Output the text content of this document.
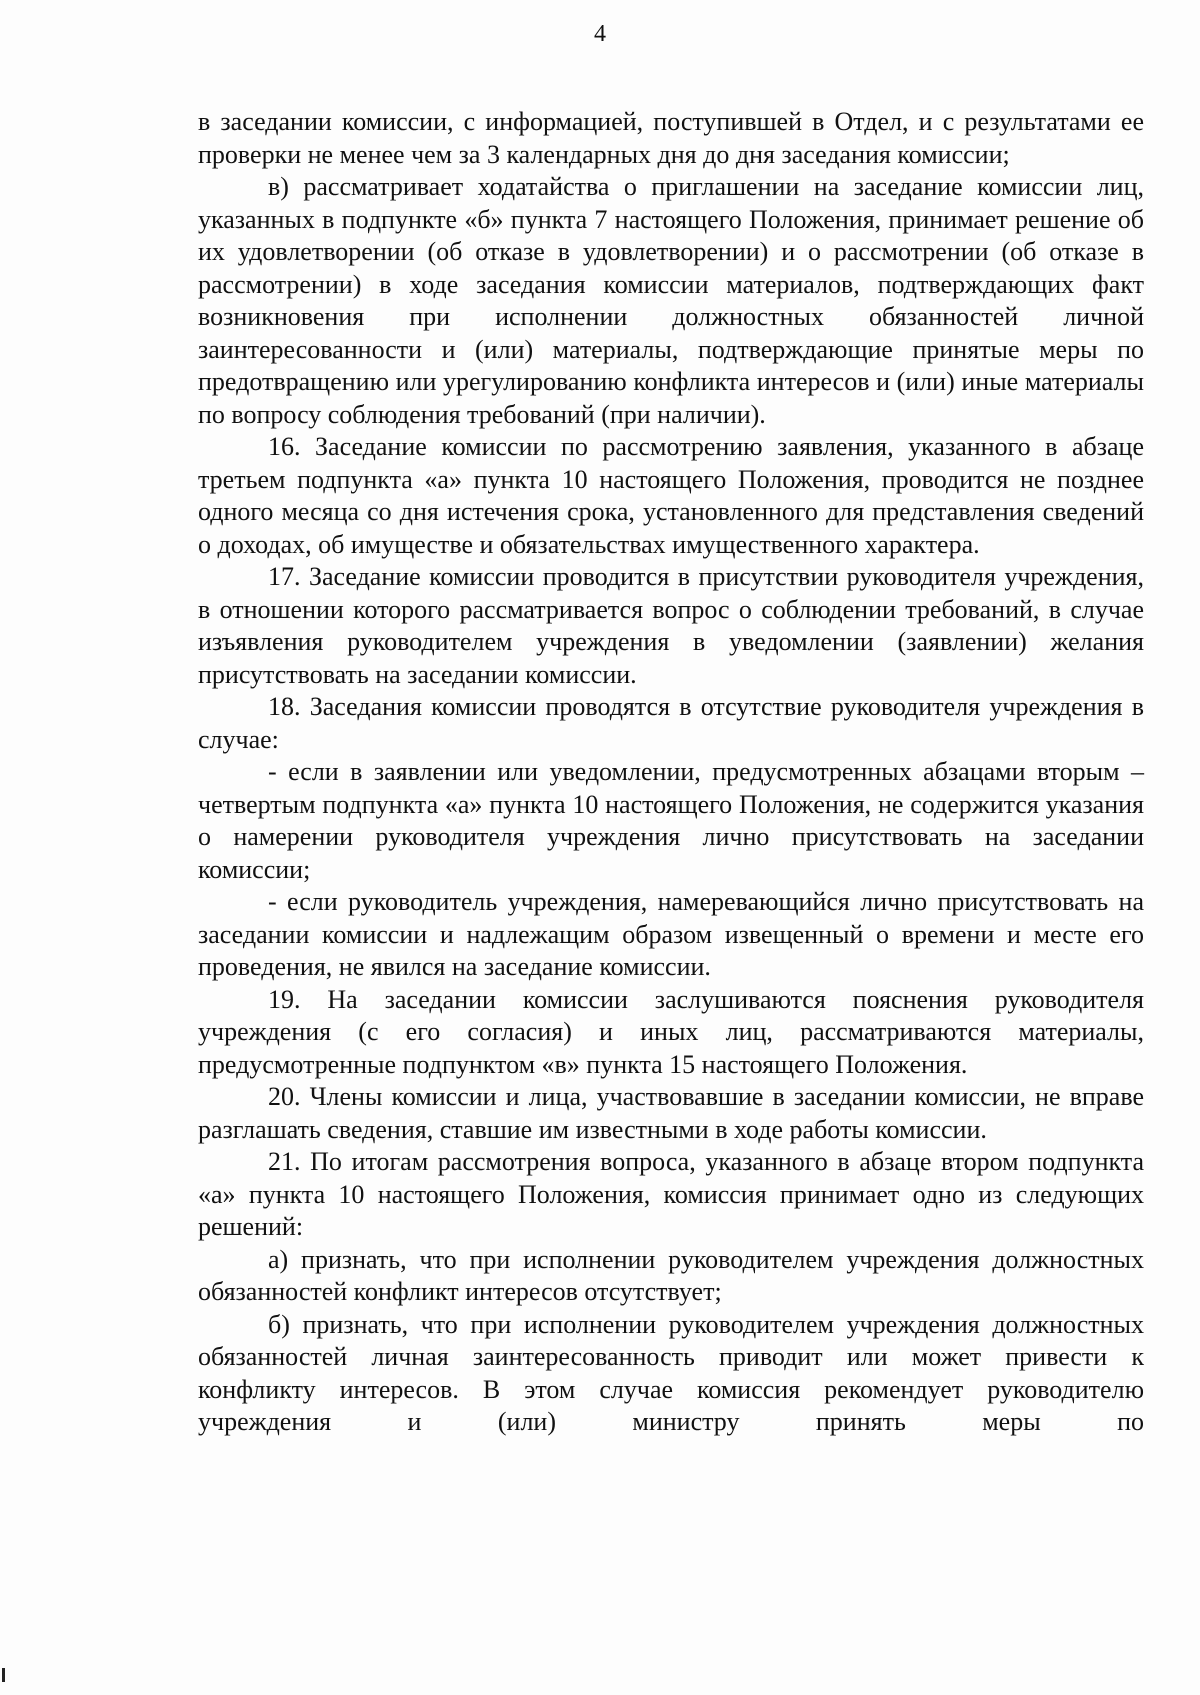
4

в заседании комиссии, с информацией, поступившей в Отдел, и с результатами ее проверки не менее чем за 3 календарных дня до дня заседания комиссии;

в) рассматривает ходатайства о приглашении на заседание комиссии лиц, указанных в подпункте «б» пункта 7 настоящего Положения, принимает решение об их удовлетворении (об отказе в удовлетворении) и о рассмотрении (об отказе в рассмотрении) в ходе заседания комиссии материалов, подтверждающих факт возникновения при исполнении должностных обязанностей личной заинтересованности и (или) материалы, подтверждающие принятые меры по предотвращению или урегулированию конфликта интересов и (или) иные материалы по вопросу соблюдения требований (при наличии).

16. Заседание комиссии по рассмотрению заявления, указанного в абзаце третьем подпункта «а» пункта 10 настоящего Положения, проводится не позднее одного месяца со дня истечения срока, установленного для представления сведений о доходах, об имуществе и обязательствах имущественного характера.

17. Заседание комиссии проводится в присутствии руководителя учреждения, в отношении которого рассматривается вопрос о соблюдении требований, в случае изъявления руководителем учреждения в уведомлении (заявлении) желания присутствовать на заседании комиссии.

18. Заседания комиссии проводятся в отсутствие руководителя учреждения в случае:

- если в заявлении или уведомлении, предусмотренных абзацами вторым – четвертым подпункта «а» пункта 10 настоящего Положения, не содержится указания о намерении руководителя учреждения лично присутствовать на заседании комиссии;

- если руководитель учреждения, намеревающийся лично присутствовать на заседании комиссии и надлежащим образом извещенный о времени и месте его проведения, не явился на заседание комиссии.

19. На заседании комиссии заслушиваются пояснения руководителя учреждения (с его согласия) и иных лиц, рассматриваются материалы, предусмотренные подпунктом «в» пункта 15 настоящего Положения.

20. Члены комиссии и лица, участвовавшие в заседании комиссии, не вправе разглашать сведения, ставшие им известными в ходе работы комиссии.

21. По итогам рассмотрения вопроса, указанного в абзаце втором подпункта «а» пункта 10 настоящего Положения, комиссия принимает одно из следующих решений:

а) признать, что при исполнении руководителем учреждения должностных обязанностей конфликт интересов отсутствует;

б) признать, что при исполнении руководителем учреждения должностных обязанностей личная заинтересованность приводит или может привести к конфликту интересов. В этом случае комиссия рекомендует руководителю учреждения и (или) министру принять меры по
